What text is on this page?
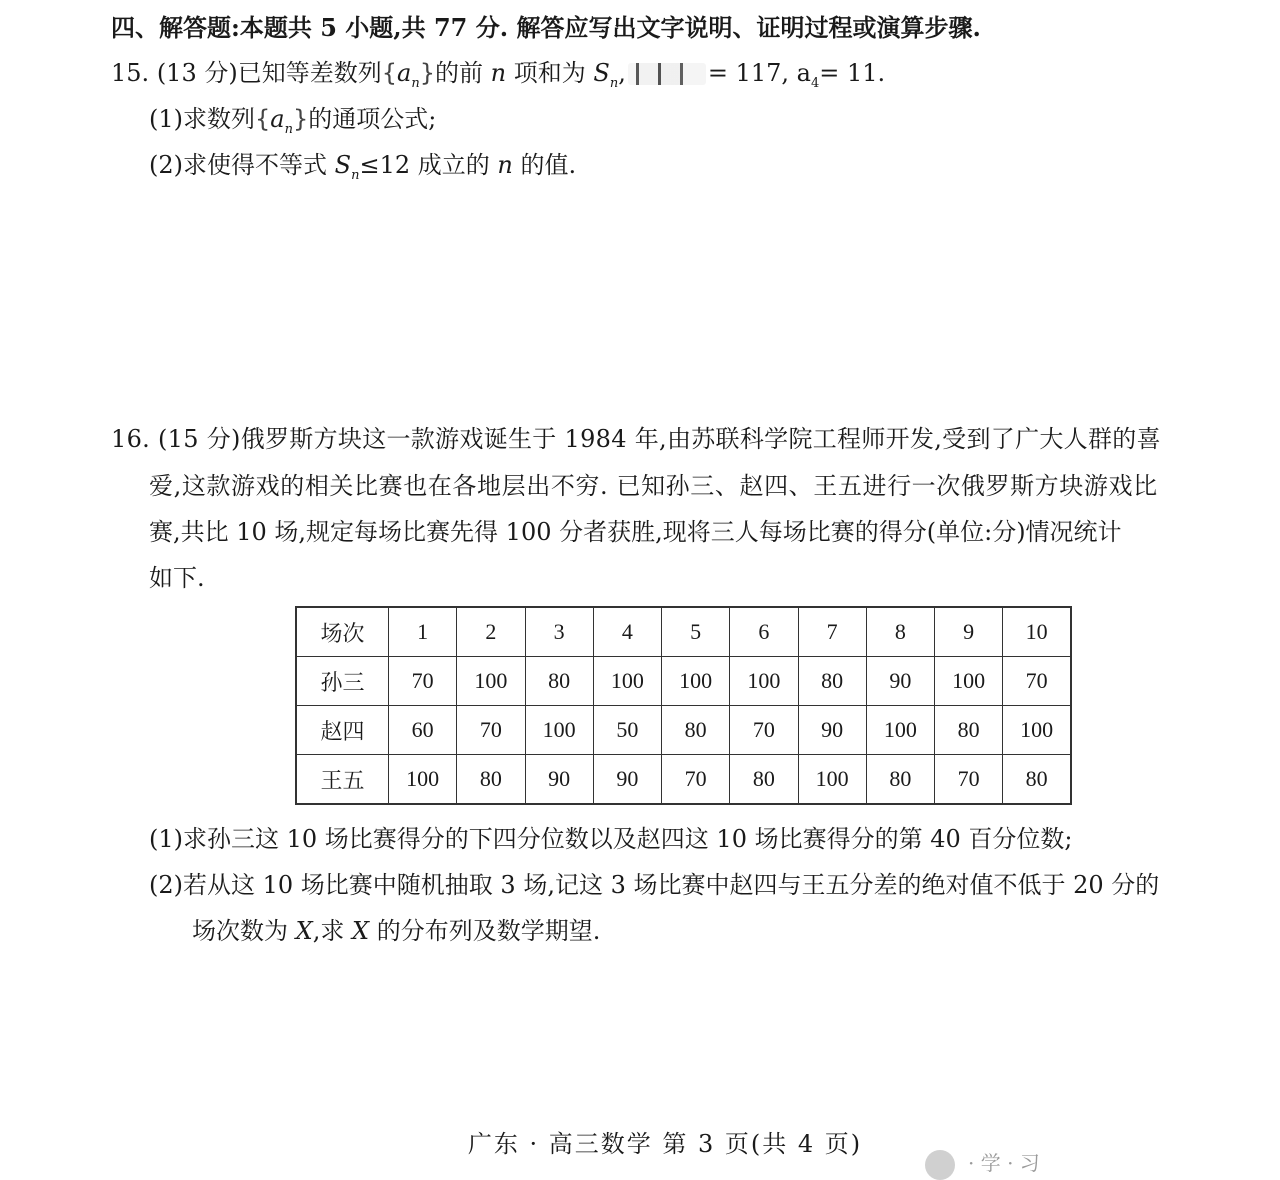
四、解答题:本题共 5 小题,共 77 分. 解答应写出文字说明、证明过程或演算步骤.
15. (13 分)已知等差数列$\{a_n\}$的前 n 项和为 $S_n$,	= 117, $a_4= 11$.
(1)求数列$\{a_n\}$的通项公式;
(2)求使得不等式 $S_n\le 12$ 成立的 n 的值.
16. (15 分)俄罗斯方块这一款游戏诞生于 1984 年,由苏联科学院工程师开发,受到了广大人群的喜
爱,这款游戏的相关比赛也在各地层出不穷. 已知孙三、赵四、王五进行一次俄罗斯方块游戏比
赛,共比 10 场,规定每场比赛先得 100 分者获胜,现将三人每场比赛的得分(单位:分)情况统计
如下.
场次	1	2	3	4	5	6	7	8	9	10
孙三	70	100	80	100	100	100	80	90	100	70
赵四	60	70	100	50	80	70	90	100	80	100
王五	100	80	90	90	70	80	100	80	70	80
(1)求孙三这 10 场比赛得分的下四分位数以及赵四这 10 场比赛得分的第 40 百分位数;
(2)若从这 10 场比赛中随机抽取 3 场,记这 3 场比赛中赵四与王五分差的绝对值不低于 20 分的
场次数为 X,求 X 的分布列及数学期望.
广东 · 高三数学 第 3 页(共 4 页)
· 学 · 习
